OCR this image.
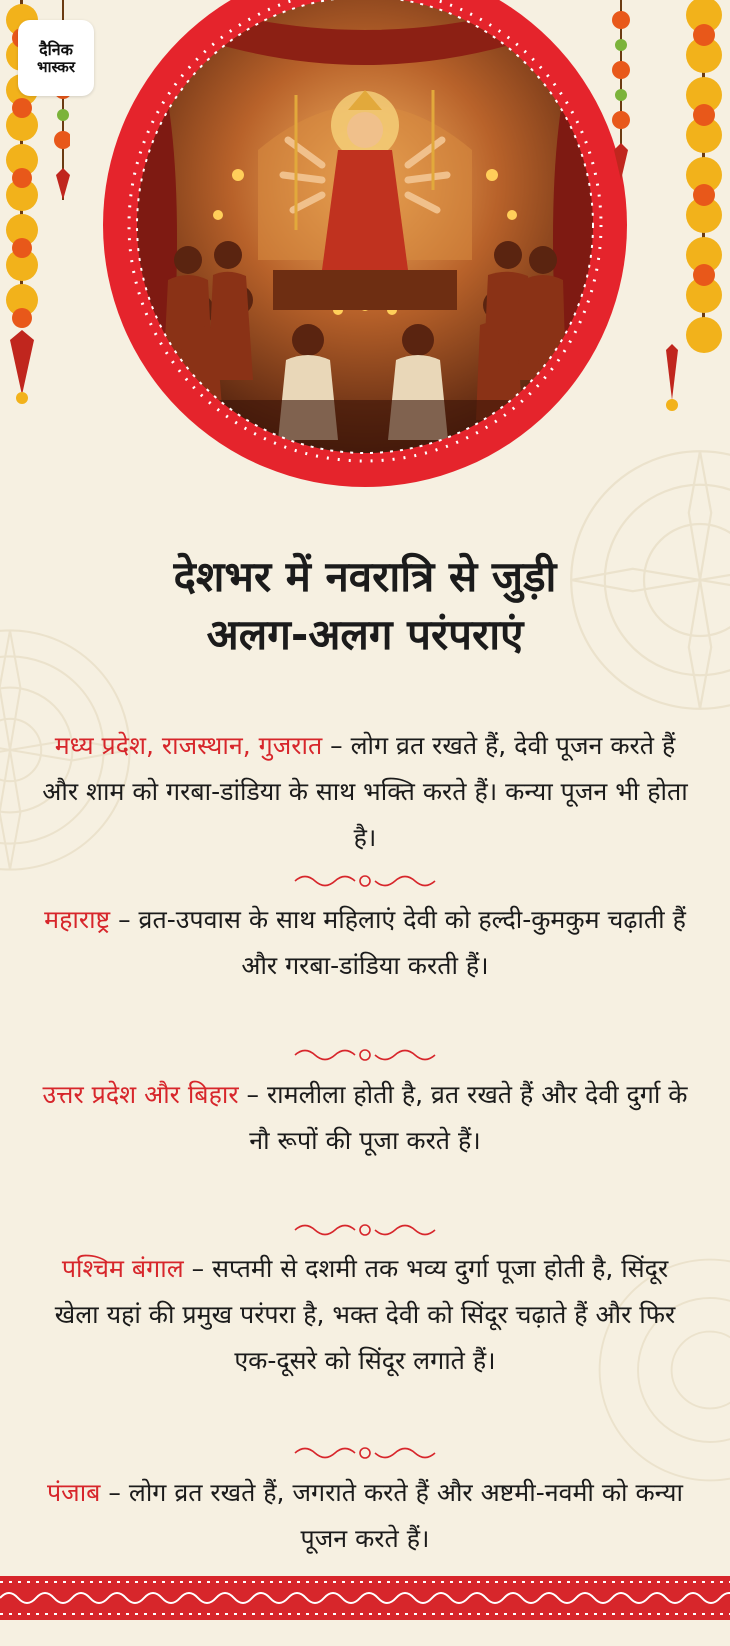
दैनिक
भास्कर
देशभर में नवरात्रि से जुड़ी
अलग-अलग परंपराएं
मध्य प्रदेश, राजस्थान, गुजरात – लोग व्रत रखते हैं, देवी पूजन करते हैं और शाम को गरबा-डांडिया के साथ भक्ति करते हैं। कन्या पूजन भी होता है।
महाराष्ट्र – व्रत-उपवास के साथ महिलाएं देवी को हल्दी-कुमकुम चढ़ाती हैं और गरबा-डांडिया करती हैं।
उत्तर प्रदेश और बिहार – रामलीला होती है, व्रत रखते हैं और देवी दुर्गा के नौ रूपों की पूजा करते हैं।
पश्चिम बंगाल – सप्तमी से दशमी तक भव्य दुर्गा पूजा होती है, सिंदूर खेला यहां की प्रमुख परंपरा है, भक्त देवी को सिंदूर चढ़ाते हैं और फिर एक-दूसरे को सिंदूर लगाते हैं।
पंजाब – लोग व्रत रखते हैं, जगराते करते हैं और अष्टमी-नवमी को कन्या पूजन करते हैं।
